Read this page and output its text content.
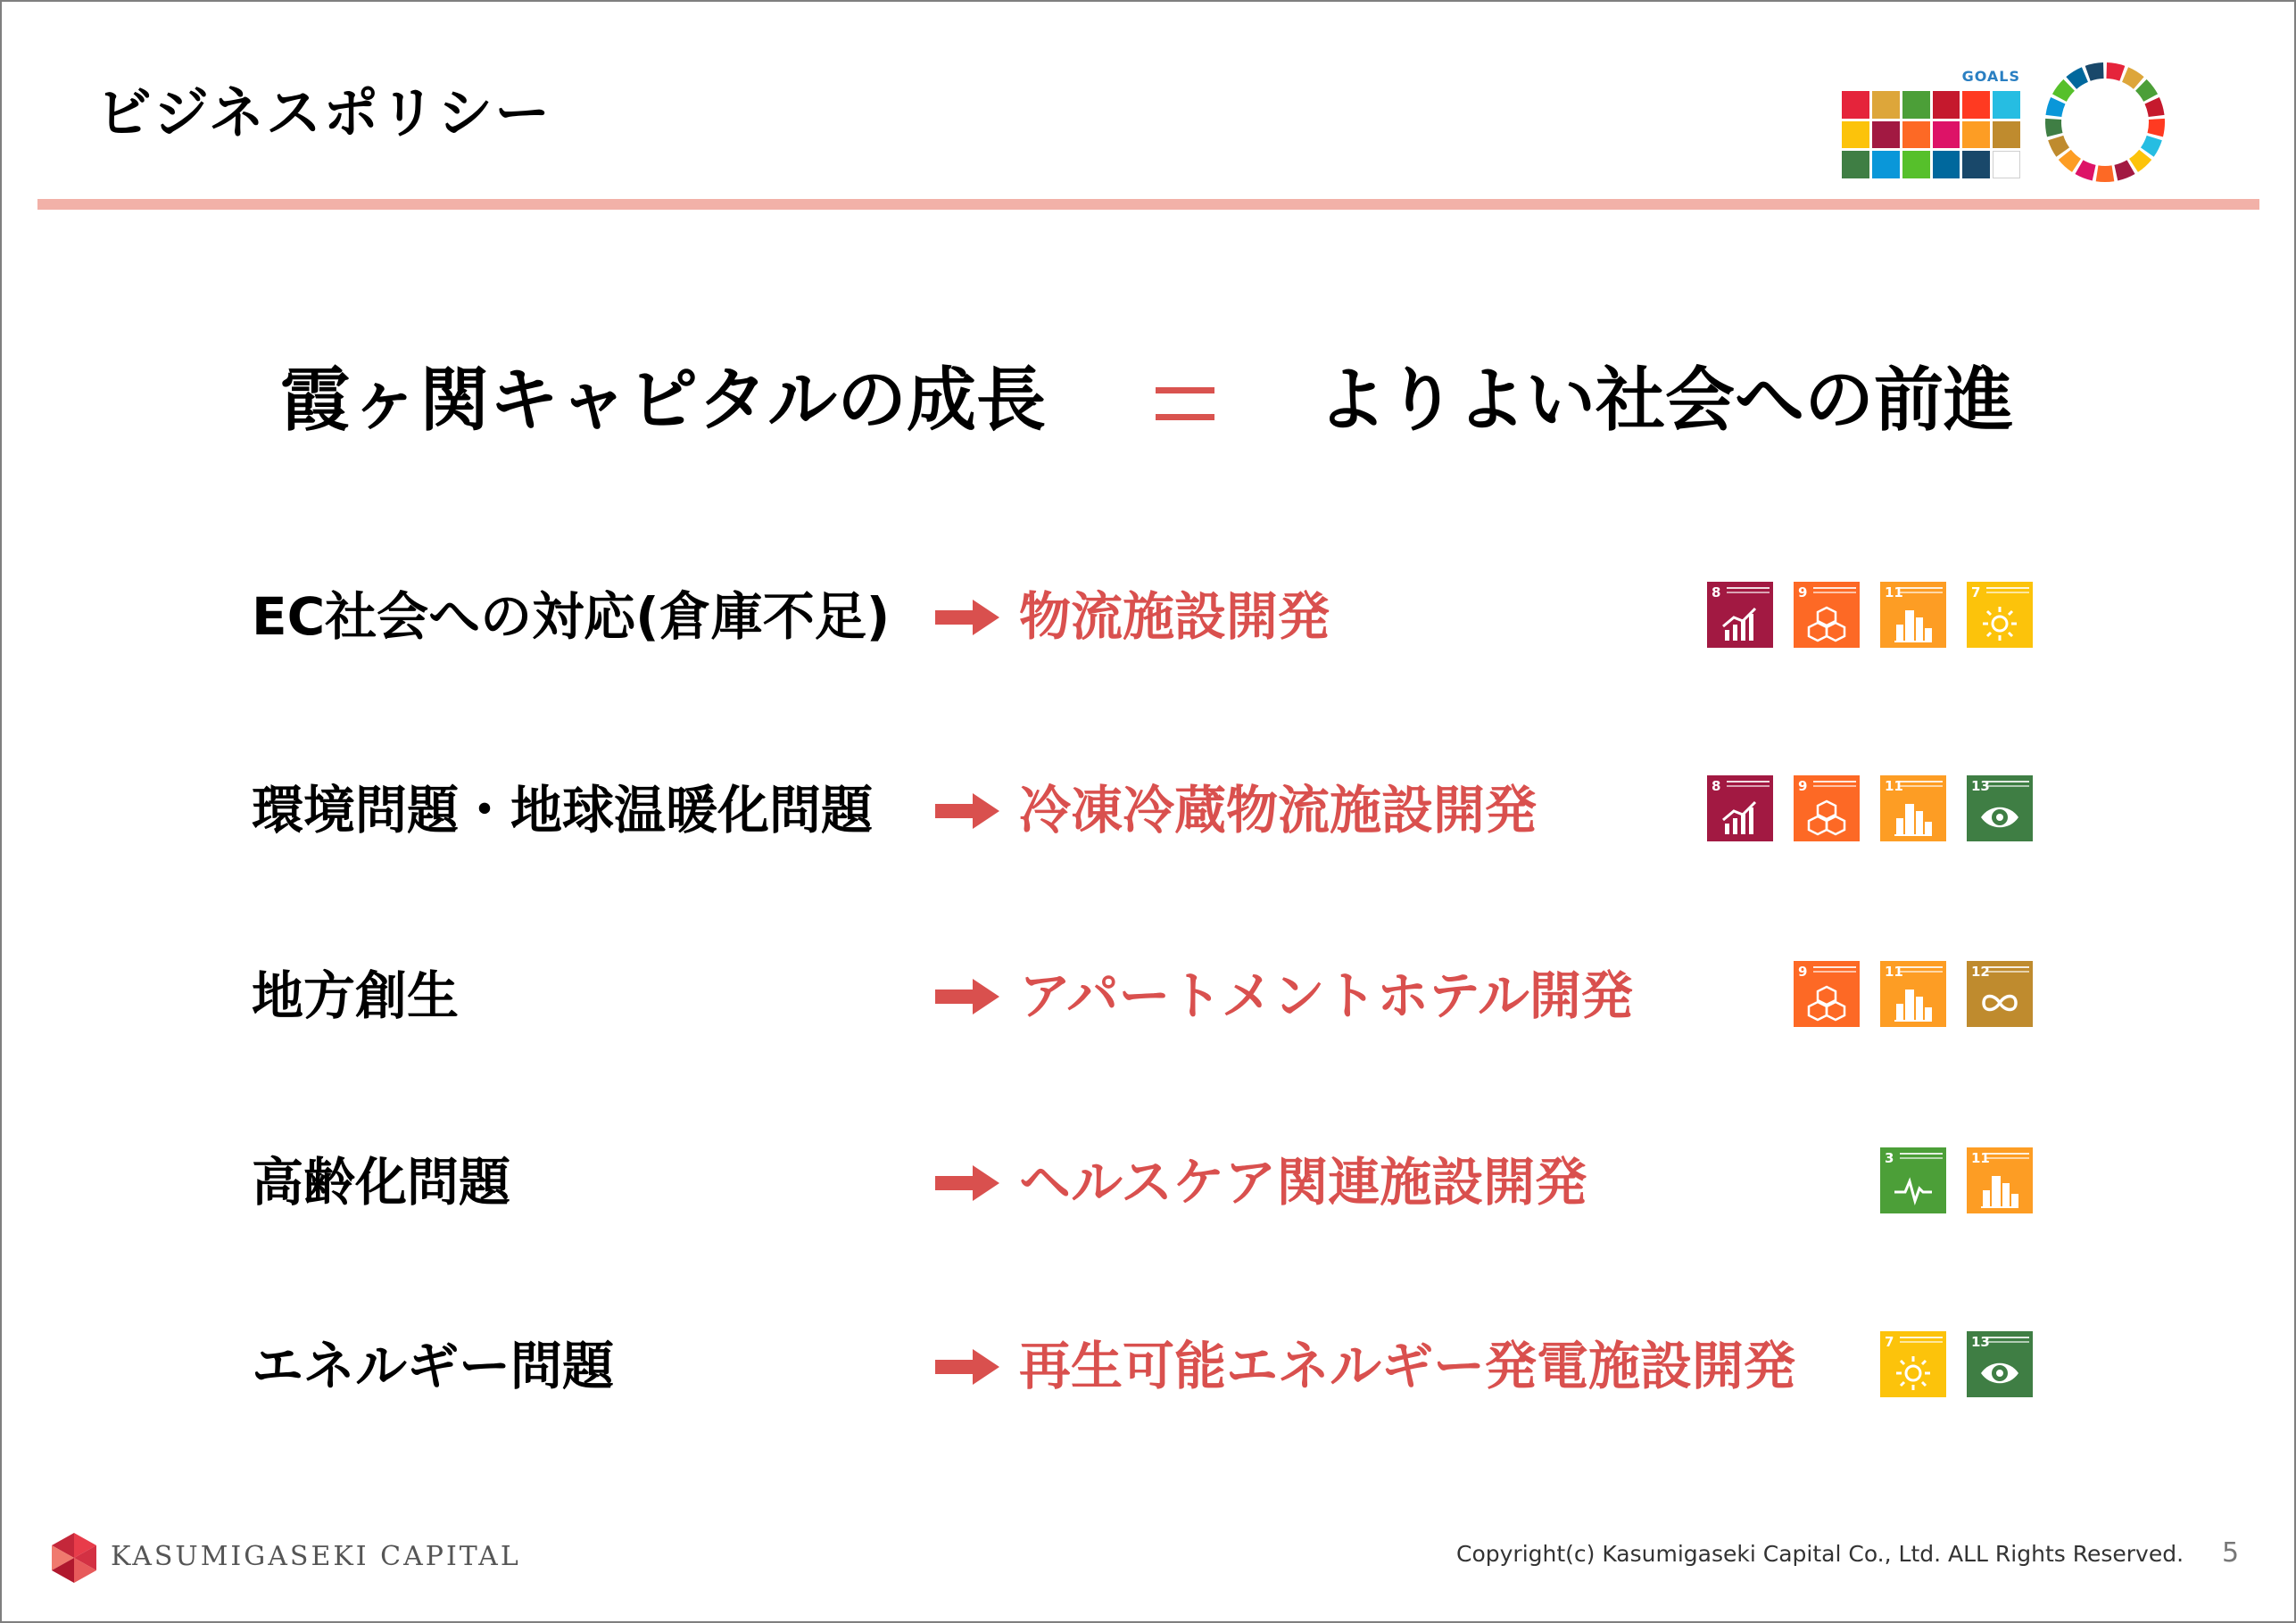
ビジネスポリシー
GOALS
霞ヶ関キャピタルの成長	よりよい社会への前進
EC社会への対応(倉庫不足) 物流施設開発	8	9	11	7
環境問題・地球温暖化問題	冷凍冷蔵物流施設開発	8	9	11	13
地方創生	アパートメントホテル開発	9	11	12
高齢化問題	ヘルスケア関連施設開発	3	11
エネルギー問題	再生可能エネルギー発電施設開発	7	13
KASUMIGASEKI CAPITAL	Copyright(c) Kasumigaseki Capital Co., Ltd. ALL Rights Reserved. 5
